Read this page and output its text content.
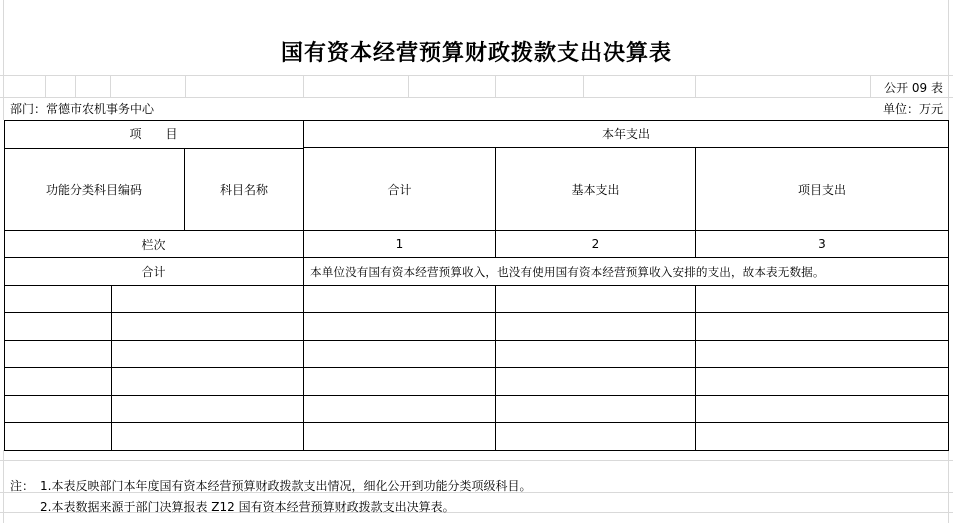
国有资本经营预算财政拨款支出决算表
公开 09 表
部门：常德市农机事务中心	单位：万元
项　　目	本年支出
功能分类科目编码	科目名称	合计	基本支出	项目支出
栏次	1	2	3
合计	本单位没有国有资本经营预算收入，也没有使用国有资本经营预算收入安排的支出，故本表无数据。
注： 1.本表反映部门本年度国有资本经营预算财政拨款支出情况，细化公开到功能分类项级科目。
2.本表数据来源于部门决算报表 Z12 国有资本经营预算财政拨款支出决算表。
